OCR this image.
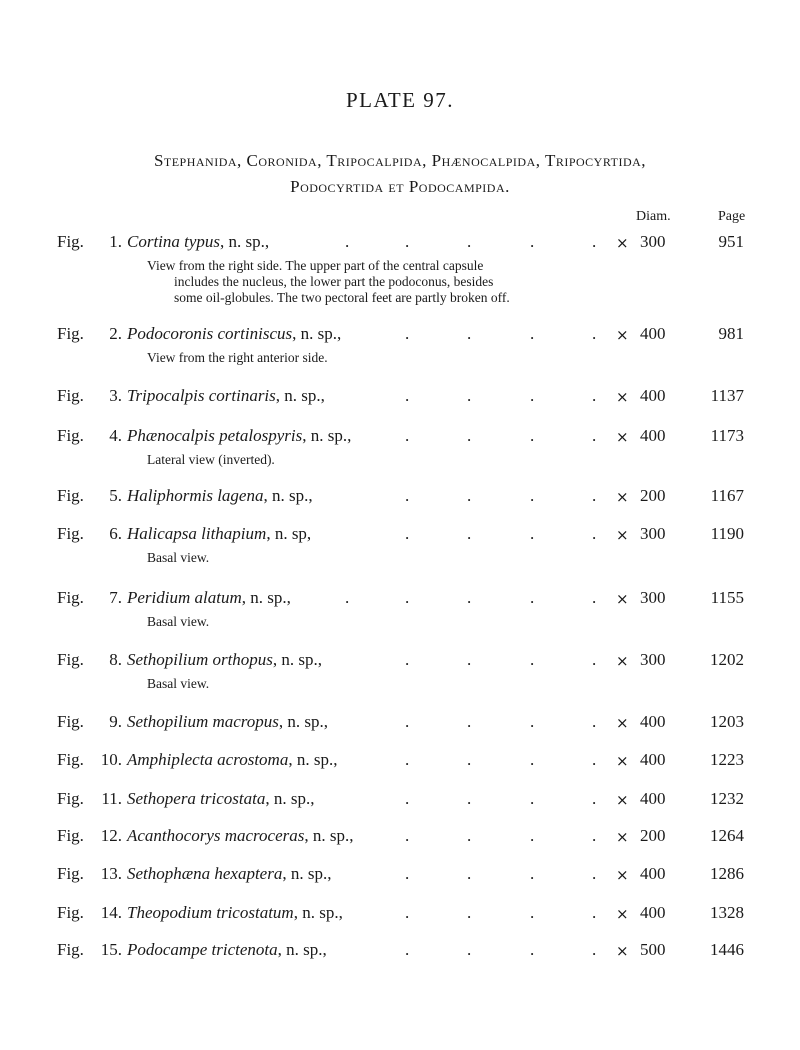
PLATE 97.
Stephanida, Coronida, Tripocalpida, Phænocalpida, Tripocyrtida,
Podocyrtida et Podocampida.
Diam.	Page
Fig.	1. Cortina typus, n. sp.,	.	.	.	.	. × 300	951
View from the right side. The upper part of the central capsule
includes the nucleus, the lower part the podoconus, besides
some oil-globules. The two pectoral feet are partly broken off.
Fig.	2. Podocoronis cortiniscus, n. sp.,	.	.	.	. × 400	981
View from the right anterior side.
Fig.	3. Tripocalpis cortinaris, n. sp.,	.	.	.	. × 400	1137
Fig.	4. Phænocalpis petalospyris, n. sp.,	.	.	.	. × 400	1173
Lateral view (inverted).
Fig.	5. Haliphormis lagena, n. sp.,	.	.	.	. × 200	1167
Fig.	6. Halicapsa lithapium, n. sp,	.	.	.	. × 300	1190
Basal view.
Fig.	7. Peridium alatum, n. sp.,	.	.	.	.	. × 300	1155
Basal view.
Fig.	8. Sethopilium orthopus, n. sp.,	.	.	.	. × 300	1202
Basal view.
Fig.	9. Sethopilium macropus, n. sp.,	.	.	.	. × 400	1203
Fig. 10. Amphiplecta acrostoma, n. sp.,	.	.	.	. × 400	1223
Fig. 11. Sethopera tricostata, n. sp.,	.	.	.	. × 400	1232
Fig. 12. Acanthocorys macroceras, n. sp.,	.	.	.	. × 200	1264
Fig. 13. Sethophæna hexaptera, n. sp.,	.	.	.	. × 400	1286
Fig. 14. Theopodium tricostatum, n. sp.,	.	.	.	. × 400	1328
Fig. 15. Podocampe trictenota, n. sp.,	.	.	.	. × 500	1446
